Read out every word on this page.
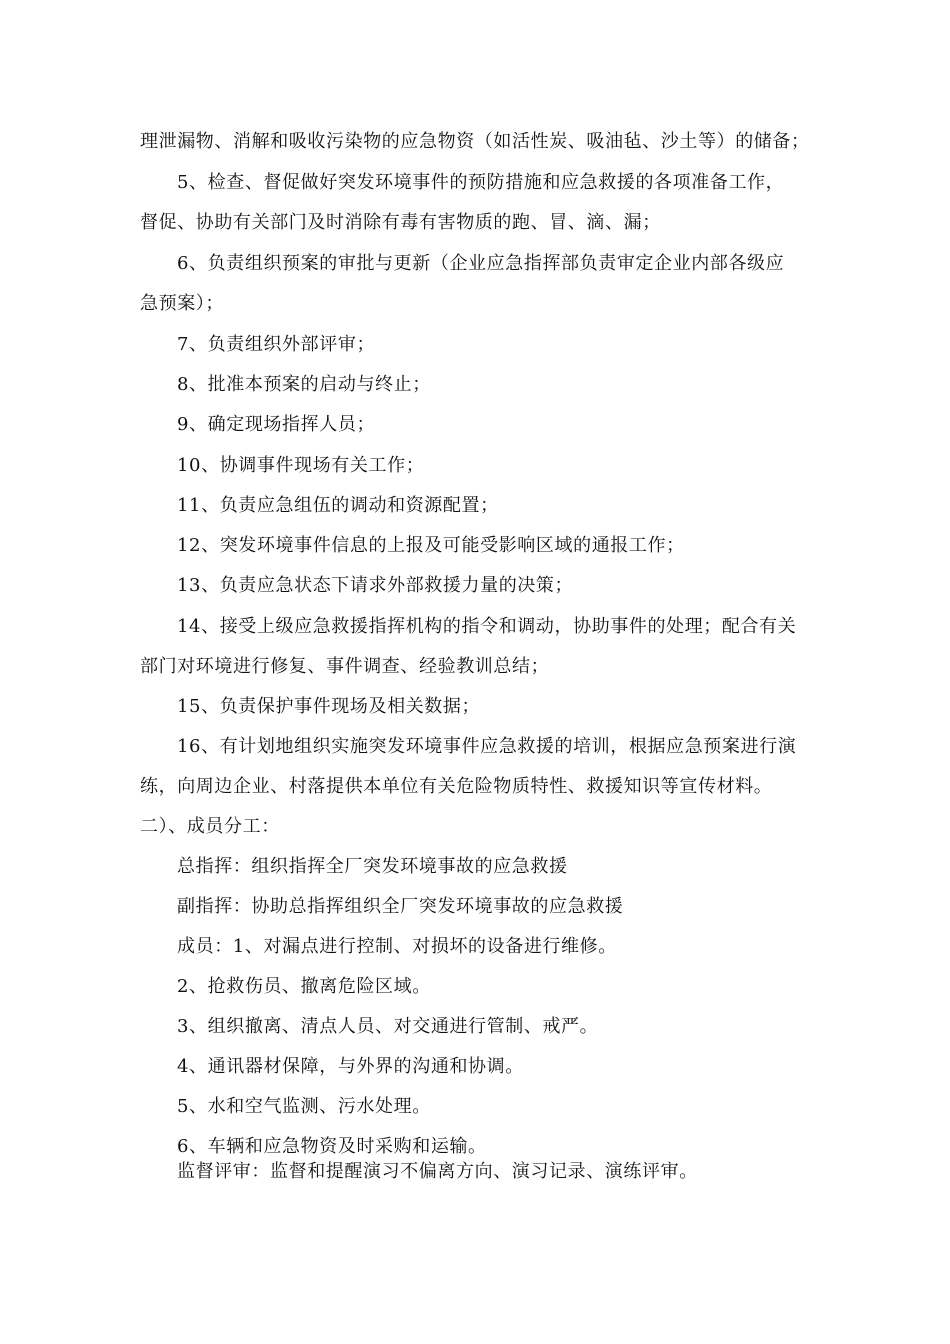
理泄漏物、消解和吸收污染物的应急物资（如活性炭、吸油毡、沙土等）的储备；
5、检查、督促做好突发环境事件的预防措施和应急救援的各项准备工作，
督促、协助有关部门及时消除有毒有害物质的跑、冒、滴、漏；
6、负责组织预案的审批与更新（企业应急指挥部负责审定企业内部各级应
急预案）；
7、负责组织外部评审；
8、批准本预案的启动与终止；
9、确定现场指挥人员；
10、协调事件现场有关工作；
11、负责应急组伍的调动和资源配置；
12、突发环境事件信息的上报及可能受影响区域的通报工作；
13、负责应急状态下请求外部救援力量的决策；
14、接受上级应急救援指挥机构的指令和调动，协助事件的处理；配合有关
部门对环境进行修复、事件调查、经验教训总结；
15、负责保护事件现场及相关数据；
16、有计划地组织实施突发环境事件应急救援的培训，根据应急预案进行演
练，向周边企业、村落提供本单位有关危险物质特性、救援知识等宣传材料。
二）、成员分工：
总指挥：组织指挥全厂突发环境事故的应急救援
副指挥：协助总指挥组织全厂突发环境事故的应急救援
成员：1、对漏点进行控制、对损坏的设备进行维修。
2、抢救伤员、撤离危险区域。
3、组织撤离、清点人员、对交通进行管制、戒严。
4、通讯器材保障，与外界的沟通和协调。
5、水和空气监测、污水处理。
6、车辆和应急物资及时采购和运输。
监督评审：监督和提醒演习不偏离方向、演习记录、演练评审。
